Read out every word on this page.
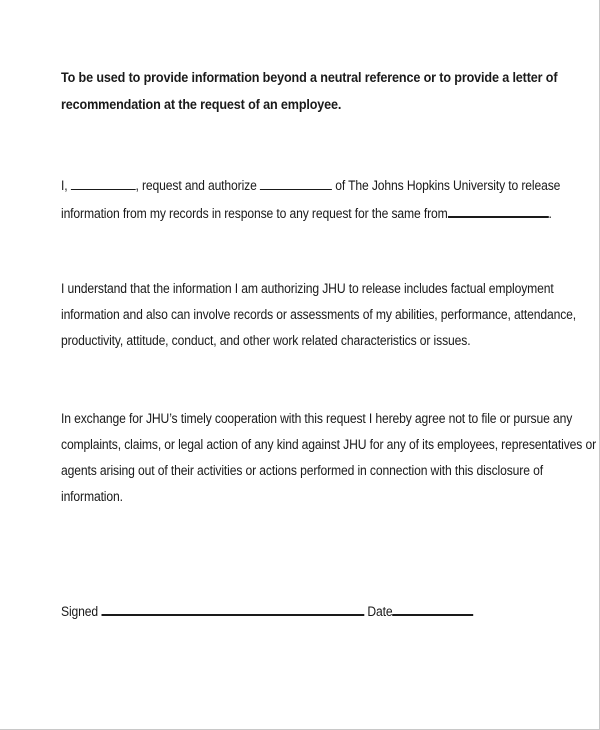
To be used to provide information beyond a neutral reference or to provide a letter of
recommendation at the request of an employee.
I,	, request and authorize	of The Johns Hopkins University to release
information from my records in response to any request for the same from	.
I understand that the information I am authorizing JHU to release includes factual employment
information and also can involve records or assessments of my abilities, performance, attendance,
productivity, attitude, conduct, and other work related characteristics or issues.
In exchange for JHU’s timely cooperation with this request I hereby agree not to file or pursue any
complaints, claims, or legal action of any kind against JHU for any of its employees, representatives or
agents arising out of their activities or actions performed in connection with this disclosure of
information.
Signed	Date
